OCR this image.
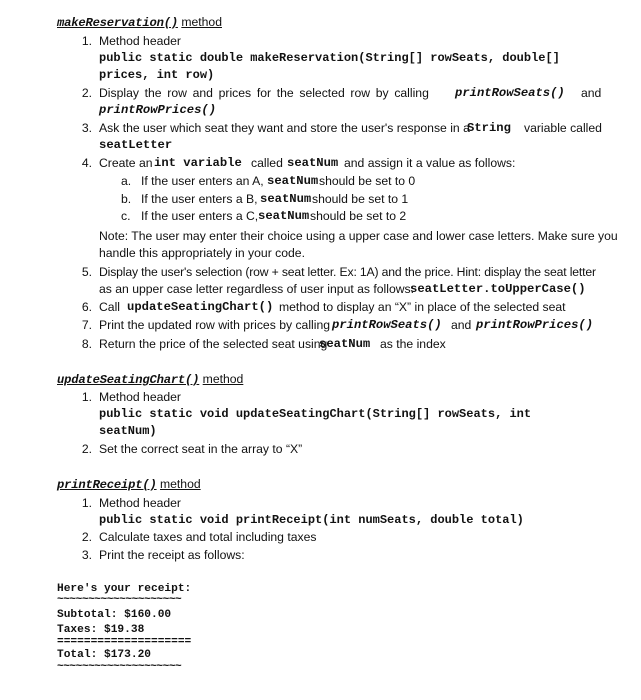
makeReservation() method
1. Method header
public static double makeReservation(String[] rowSeats, double[]
prices, int row)
2. Display the row and prices for the selected row by calling printRowSeats() and
printRowPrices()
3. Ask the user which seat they want and store the user's response in a
String variable called
seatLetter
4. Create an int variable called seatNum and assign it a value as follows:
a. If the user enters an A, seatNum should be set to 0
b. If the user enters a B, seatNum should be set to 1
c. If the user enters a C, seatNum should be set to 2
Note: The user may enter their choice using a upper case and lower case letters. Make sure you
handle this appropriately in your code.
5. Display the user's selection (row + seat letter. Ex: 1A) and the price. Hint: display the seat letter
as an upper case letter regardless of user input as follows:
seatLetter.toUpperCase()
6. Call updateSeatingChart() method to display an “X” in place of the selected seat
7. Print the updated row with prices by calling printRowSeats() and printRowPrices()
8. Return the price of the selected seat using
seatNum as the index
updateSeatingChart() method
1. Method header
public static void updateSeatingChart(String[] rowSeats, int
seatNum)
2. Set the correct seat in the array to “X”
printReceipt() method
1. Method header
public static void printReceipt(int numSeats, double total)
2. Calculate taxes and total including taxes
3. Print the receipt as follows:
Here's your receipt:
~~~~~~~~~~~~~~~~~~~~
Subtotal: $160.00
Taxes: $19.38
====================
Total: $173.20
~~~~~~~~~~~~~~~~~~~~
